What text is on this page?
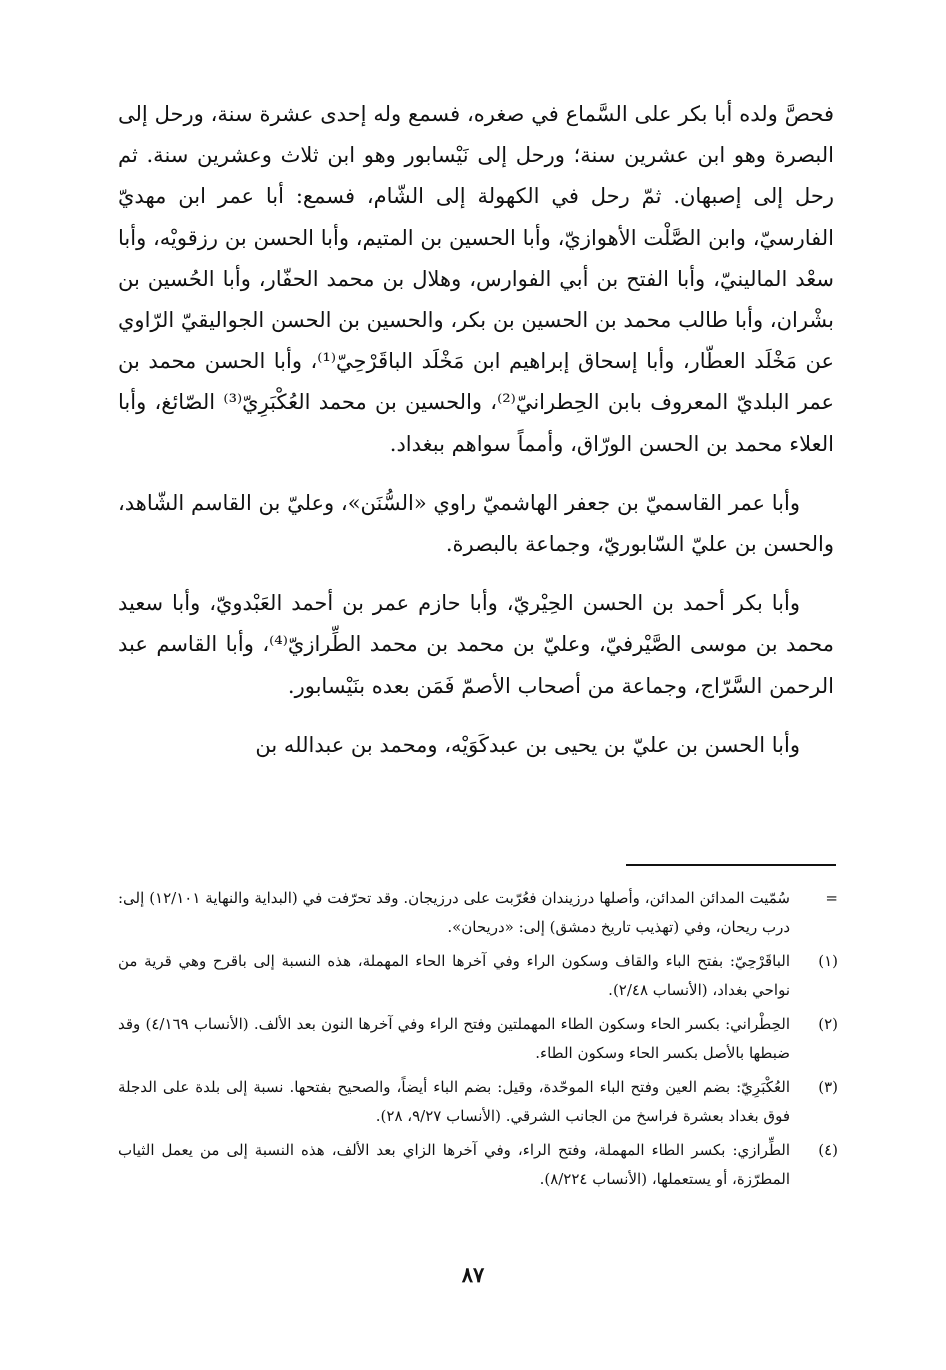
فحصَّ ولده أبا بكر على السَّماع في صغره، فسمع وله إحدى عشرة سنة، ورحل إلى البصرة وهو ابن عشرين سنة؛ ورحل إلى نَيْسابور وهو ابن ثلاث وعشرين سنة. ثم رحل إلى إصبهان. ثمّ رحل في الكهولة إلى الشّام، فسمع: أبا عمر ابن مهديّ الفارسيّ، وابن الصَّلْت الأهوازيّ، وأبا الحسين بن المتيم، وأبا الحسن بن رزقويْه، وأبا سعْد المالينيّ، وأبا الفتح بن أبي الفوارس، وهلال بن محمد الحفّار، وأبا الحُسين بن بشْران، وأبا طالب محمد بن الحسين بن بكر، والحسين بن الحسن الجواليقيّ الرّاوي عن مَخْلَد العطّار، وأبا إسحاق إبراهيم ابن مَخْلَد الباقَرْحِيّ⁽¹⁾، وأبا الحسن محمد بن عمر البلديّ المعروف بابن الحِطرانيّ⁽²⁾، والحسين بن محمد العُكْبَرِيّ⁽³⁾ الصّائغ، وأبا العلاء محمد بن الحسن الورّاق، وأمماً سواهم ببغداد.

وأبا عمر القاسميّ بن جعفر الهاشميّ راوي «السُّنَن»، وعليّ بن القاسم الشّاهد، والحسن بن عليّ السّابوريّ، وجماعة بالبصرة.

وأبا بكر أحمد بن الحسن الحِيْريّ، وأبا حازم عمر بن أحمد العَبْدويّ، وأبا سعيد محمد بن موسى الصَّيْرفيّ، وعليّ بن محمد بن محمد الطِّرازيّ⁽⁴⁾، وأبا القاسم عبد الرحمن السَّرّاج، وجماعة من أصحاب الأصمّ فَمَن بعده بنَيْسابور.

وأبا الحسن بن عليّ بن يحيى بن عبدكَوَيْه، ومحمد بن عبدالله بن

=
سُمّيت المدائن المدائن، وأصلها درزيندان فعُرّبت على درزيجان. وقد تحرّفت في (البداية والنهاية ١٢/١٠١) إلى: درب ريحان، وفي (تهذيب تاريخ دمشق) إلى: «دريحان».
(١)
الباقَرْحِيّ: بفتح الباء والقاف وسكون الراء وفي آخرها الحاء المهملة، هذه النسبة إلى باقرح وهي قرية من نواحي بغداد، (الأنساب ٢/٤٨).
(٢)
الحِطْراني: بكسر الحاء وسكون الطاء المهملتين وفتح الراء وفي آخرها النون بعد الألف. (الأنساب ٤/١٦٩) وقد ضبطها بالأصل بكسر الحاء وسكون الطاء.
(٣)
العُكْبَرِيّ: بضم العين وفتح الباء الموحّدة، وقيل: بضم الباء أيضاً، والصحيح بفتحها. نسبة إلى بلدة على الدجلة فوق بغداد بعشرة فراسخ من الجانب الشرقي. (الأنساب ٩/٢٧، ٢٨).
(٤)
الطِّرازي: بكسر الطاء المهملة، وفتح الراء، وفي آخرها الزاي بعد الألف، هذه النسبة إلى من يعمل الثياب المطرّزة، أو يستعملها، (الأنساب ٨/٢٢٤).
٨٧
